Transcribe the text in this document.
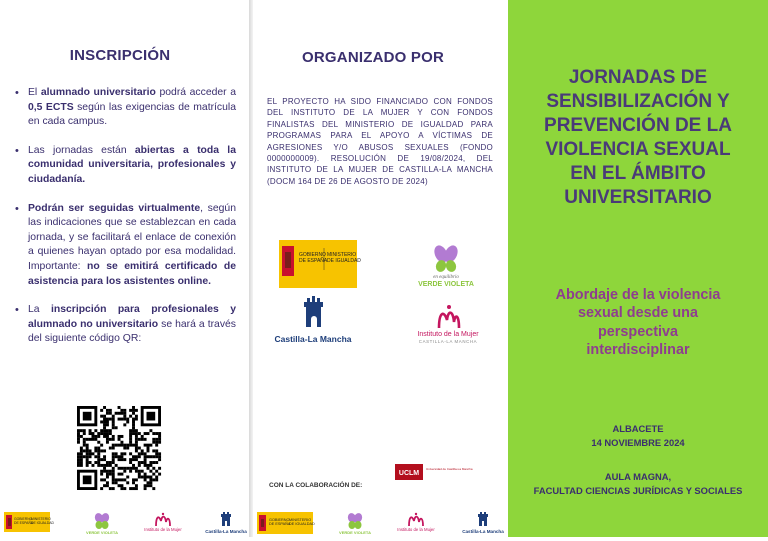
INSCRIPCIÓN
• El alumnado universitario podrá acceder a 0,5 ECTS según las exigencias de matrícula en cada campus.
• Las jornadas están abiertas a toda la comunidad universitaria, profesionales y ciudadanía.
• Podrán ser seguidas virtualmente, según las indicaciones que se establezcan en cada jornada, y se facilitará el enlace de conexión a quienes hayan optado por esa modalidad. Importante: no se emitirá certificado de asistencia para los asistentes online.
• La inscripción para profesionales y alumnado no universitario se hará a través del siguiente código QR:
GOBIERNO
DE ESPAÑA
MINISTERIO
DE IGUALDAD
VERDE VIOLETA
Instituto de la Mujer	Castilla-La Mancha
ORGANIZADO POR
EL PROYECTO HA SIDO FINANCIADO CON FONDOS DEL INSTITUTO DE LA MUJER Y CON FONDOS FINALISTAS DEL MINISTERIO DE IGUALDAD PARA PROGRAMAS PARA EL APOYO A VÍCTIMAS DE AGRESIONES Y/O ABUSOS SEXUALES (FONDO 0000000009). RESOLUCIÓN DE 19/08/2024, DEL INSTITUTO DE LA MUJER DE CASTILLA-LA MANCHA (DOCM 164 DE 26 DE AGOSTO DE 2024)
GOBIERNO
DE ESPAÑA
MINISTERIO
DE IGUALDAD
en equilibrio
VERDE VIOLETA
Castilla-La Mancha	Instituto de la Mujer
CASTILLA-LA MANCHA
CON LA COLABORACIÓN DE:
UCLM
Universidad de Castilla-La Mancha
GOBIERNO
DE ESPAÑA
MINISTERIO
DE IGUALDAD
VERDE VIOLETA
Instituto de la Mujer	Castilla-La Mancha
JORNADAS DE
SENSIBILIZACIÓN Y
PREVENCIÓN DE LA
VIOLENCIA SEXUAL
EN EL ÁMBITO
UNIVERSITARIO
Abordaje de la violencia
sexual desde una
perspectiva
interdisciplinar
ALBACETE
14 NOVIEMBRE 2024
AULA MAGNA,
FACULTAD CIENCIAS JURÍDICAS Y SOCIALES
